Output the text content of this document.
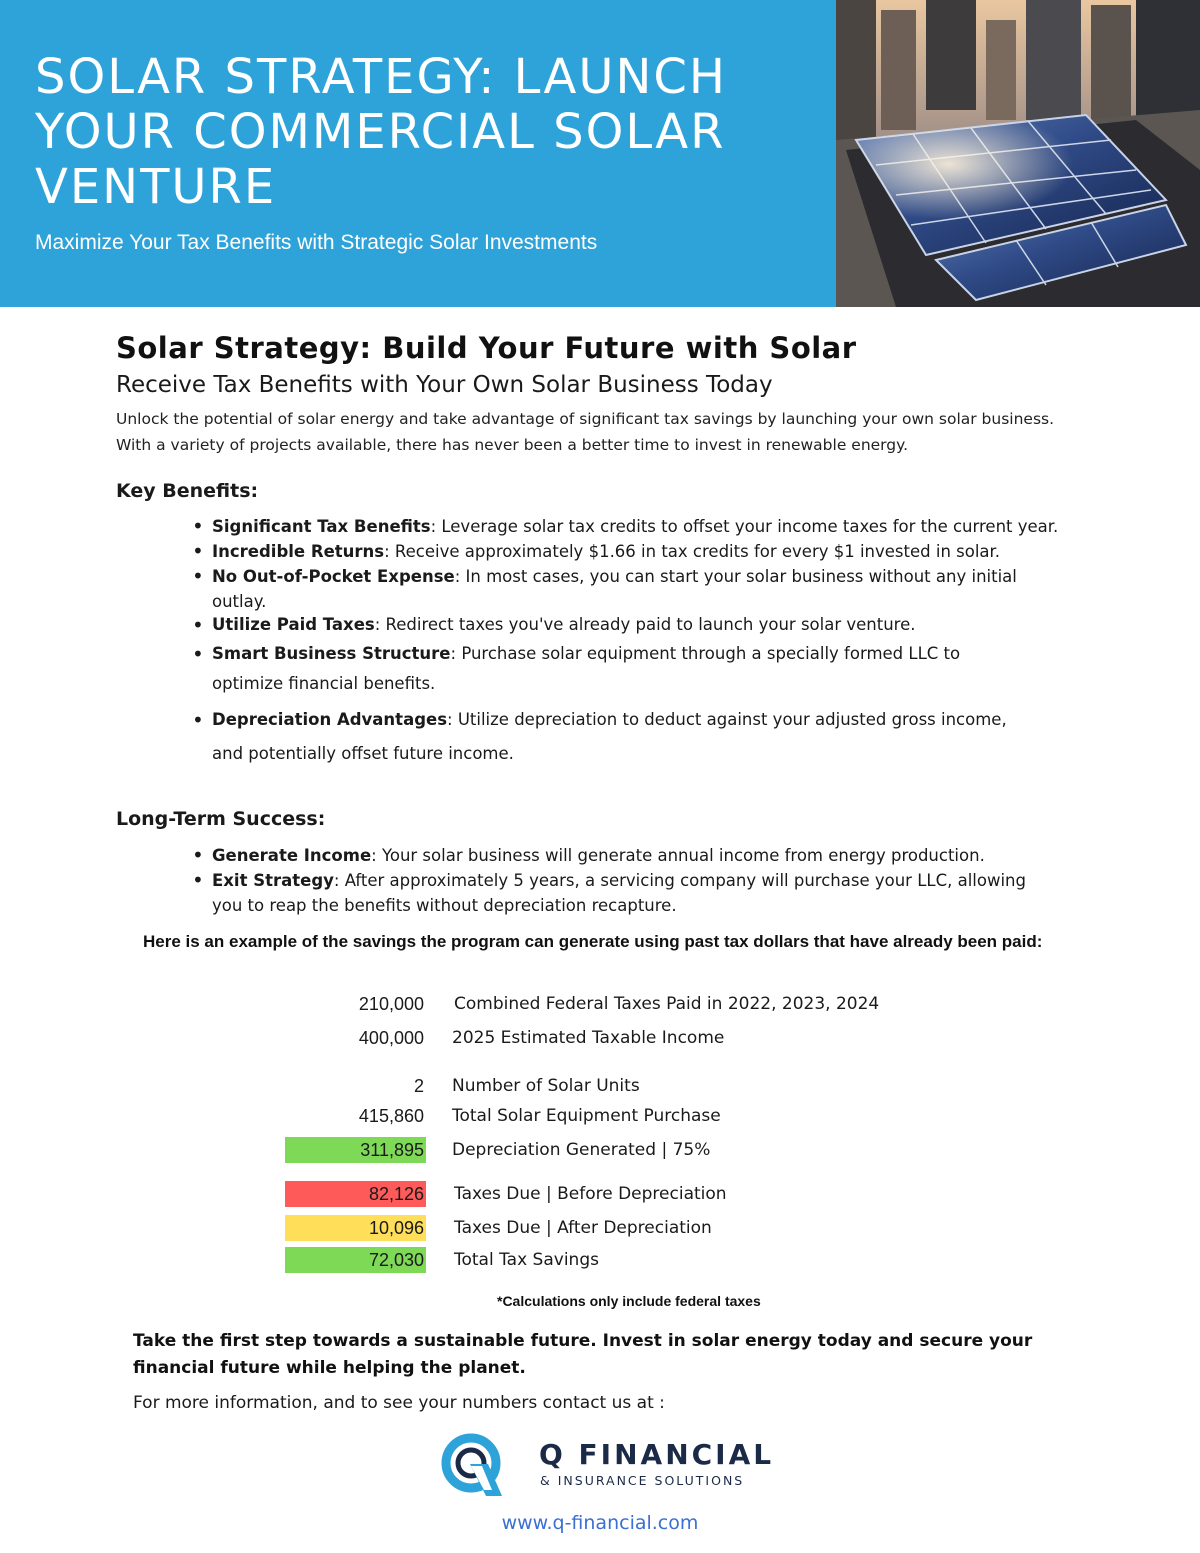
SOLAR STRATEGY: LAUNCH YOUR COMMERCIAL SOLAR VENTURE
Maximize Your Tax Benefits with Strategic Solar Investments
Solar Strategy: Build Your Future with Solar
Receive Tax Benefits with Your Own Solar Business Today

Unlock the potential of solar energy and take advantage of significant tax savings by launching your own solar business. With a variety of projects available, there has never been a better time to invest in renewable energy.

Key Benefits:
• Significant Tax Benefits: Leverage solar tax credits to offset your income taxes for the current year.
• Incredible Returns: Receive approximately $1.66 in tax credits for every $1 invested in solar.
• No Out-of-Pocket Expense: In most cases, you can start your solar business without any initial outlay.
• Utilize Paid Taxes: Redirect taxes you've already paid to launch your solar venture.
• Smart Business Structure: Purchase solar equipment through a specially formed LLC to optimize financial benefits.
• Depreciation Advantages: Utilize depreciation to deduct against your adjusted gross income, and potentially offset future income.
Long-Term Success:
• Generate Income: Your solar business will generate annual income from energy production.
• Exit Strategy: After approximately 5 years, a servicing company will purchase your LLC, allowing you to reap the benefits without depreciation recapture.
Here is an example of the savings the program can generate using past tax dollars that have already been paid:
210,000 Combined Federal Taxes Paid in 2022, 2023, 2024
400,000 2025 Estimated Taxable Income
2 Number of Solar Units
415,860 Total Solar Equipment Purchase
311,895 Depreciation Generated | 75%
82,126 Taxes Due | Before Depreciation
10,096 Taxes Due | After Depreciation
72,030 Total Tax Savings
*Calculations only include federal taxes
Take the first step towards a sustainable future. Invest in solar energy today and secure your financial future while helping the planet.
For more information, and to see your numbers contact us at :
Q FINANCIAL
& INSURANCE SOLUTIONS
www.q-financial.com
